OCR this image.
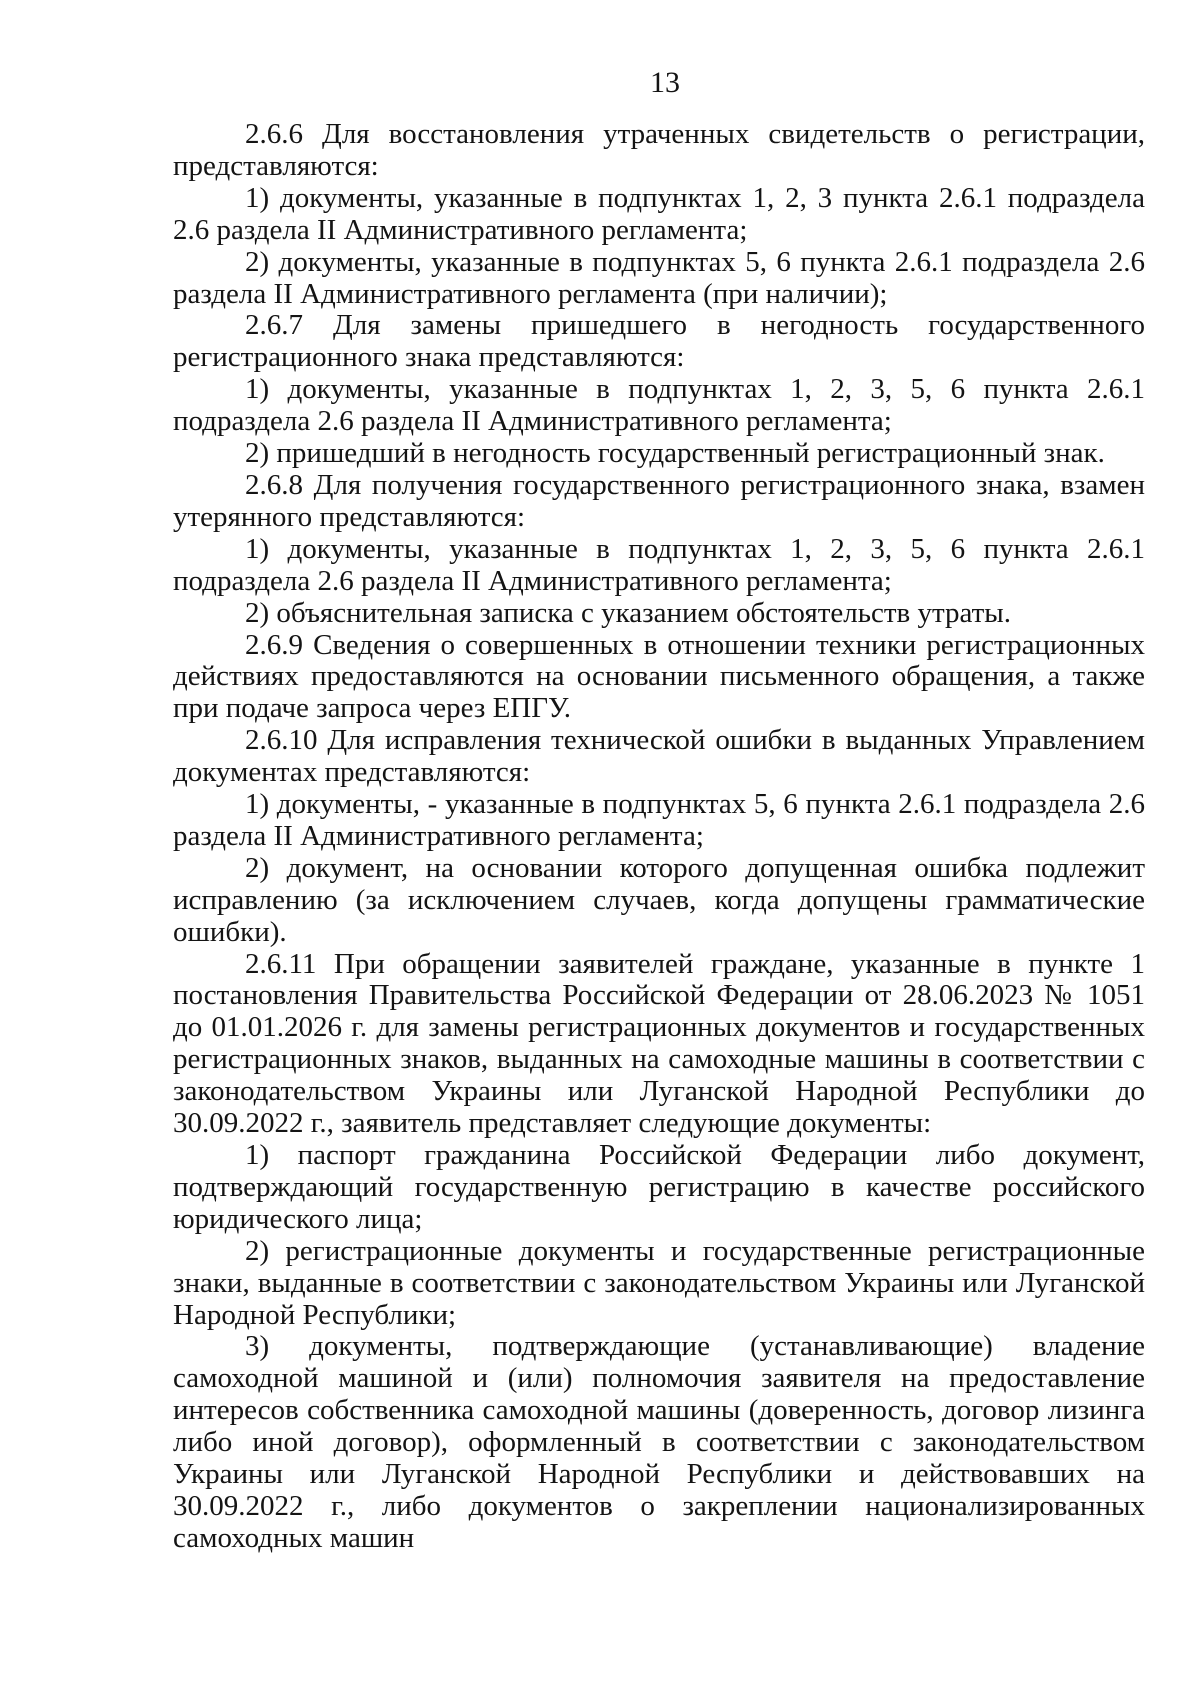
13

2.6.6 Для восстановления утраченных свидетельств о регистрации, представляются:

1) документы, указанные в подпунктах 1, 2, 3 пункта 2.6.1 подраздела 2.6 раздела II Административного регламента;

2) документы, указанные в подпунктах 5, 6 пункта 2.6.1 подраздела 2.6 раздела II Административного регламента (при наличии);

2.6.7 Для замены пришедшего в негодность государственного регистрационного знака представляются:

1) документы, указанные в подпунктах 1, 2, 3, 5, 6 пункта 2.6.1 подраздела 2.6 раздела II Административного регламента;

2) пришедший в негодность государственный регистрационный знак.

2.6.8 Для получения государственного регистрационного знака, взамен утерянного представляются:

1) документы, указанные в подпунктах 1, 2, 3, 5, 6 пункта 2.6.1 подраздела 2.6 раздела II Административного регламента;

2) объяснительная записка с указанием обстоятельств утраты.

2.6.9 Сведения о совершенных в отношении техники регистрационных действиях предоставляются на основании письменного обращения, а также при подаче запроса через ЕПГУ.

2.6.10 Для исправления технической ошибки в выданных Управлением документах представляются:

1) документы, - указанные в подпунктах 5, 6 пункта 2.6.1 подраздела 2.6 раздела II Административного регламента;

2) документ, на основании которого допущенная ошибка подлежит исправлению (за исключением случаев, когда допущены грамматические ошибки).

2.6.11 При обращении заявителей граждане, указанные в пункте 1 постановления Правительства Российской Федерации от 28.06.2023 № 1051 до 01.01.2026 г. для замены регистрационных документов и государственных регистрационных знаков, выданных на самоходные машины в соответствии с законодательством Украины или Луганской Народной Республики до 30.09.2022 г., заявитель представляет следующие документы:

1) паспорт гражданина Российской Федерации либо документ, подтверждающий государственную регистрацию в качестве российского юридического лица;

2) регистрационные документы и государственные регистрационные знаки, выданные в соответствии с законодательством Украины или Луганской Народной Республики;

3) документы, подтверждающие (устанавливающие) владение самоходной машиной и (или) полномочия заявителя на предоставление интересов собственника самоходной машины (доверенность, договор лизинга либо иной договор), оформленный в соответствии с законодательством Украины или Луганской Народной Республики и действовавших на 30.09.2022 г., либо документов о закреплении национализированных самоходных машин
